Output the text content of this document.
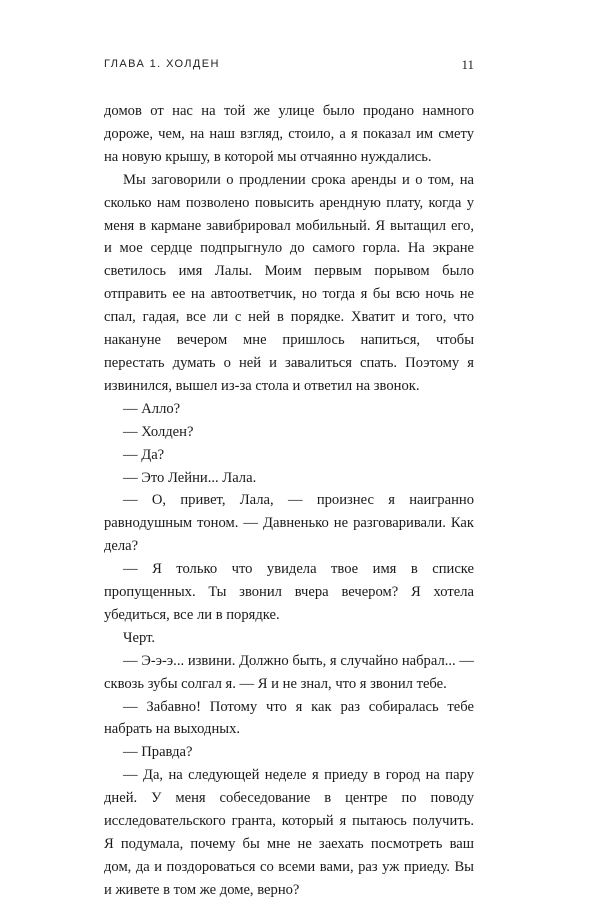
ГЛАВА 1. ХОЛДЕН	11

домов от нас на той же улице было продано намного дороже, чем, на наш взгляд, стоило, а я показал им смету на новую крышу, в которой мы отчаянно нуждались.

Мы заговорили о продлении срока аренды и о том, на сколько нам позволено повысить арендную плату, когда у меня в кармане завибрировал мобильный. Я вытащил его, и мое сердце подпрыгнуло до самого горла. На экране светилось имя Лалы. Моим первым порывом было отправить ее на автоответчик, но тогда я бы всю ночь не спал, гадая, все ли с ней в порядке. Хватит и того, что накануне вечером мне пришлось напиться, чтобы перестать думать о ней и завалиться спать. Поэтому я извинился, вышел из-за стола и ответил на звонок.

— Алло?

— Холден?

— Да?

— Это Лейни... Лала.

— О, привет, Лала, — произнес я наигранно равнодушным тоном. — Давненько не разговаривали. Как дела?

— Я только что увидела твое имя в списке пропущенных. Ты звонил вчера вечером? Я хотела убедиться, все ли в порядке.

Черт.

— Э-э-э... извини. Должно быть, я случайно набрал... — сквозь зубы солгал я. — Я и не знал, что я звонил тебе.

— Забавно! Потому что я как раз собиралась тебе набрать на выходных.

— Правда?

— Да, на следующей неделе я приеду в город на пару дней. У меня собеседование в центре по поводу исследовательского гранта, который я пытаюсь получить. Я подумала, почему бы мне не заехать посмотреть ваш дом, да и поздороваться со всеми вами, раз уж приеду. Вы и живете в том же доме, верно?
